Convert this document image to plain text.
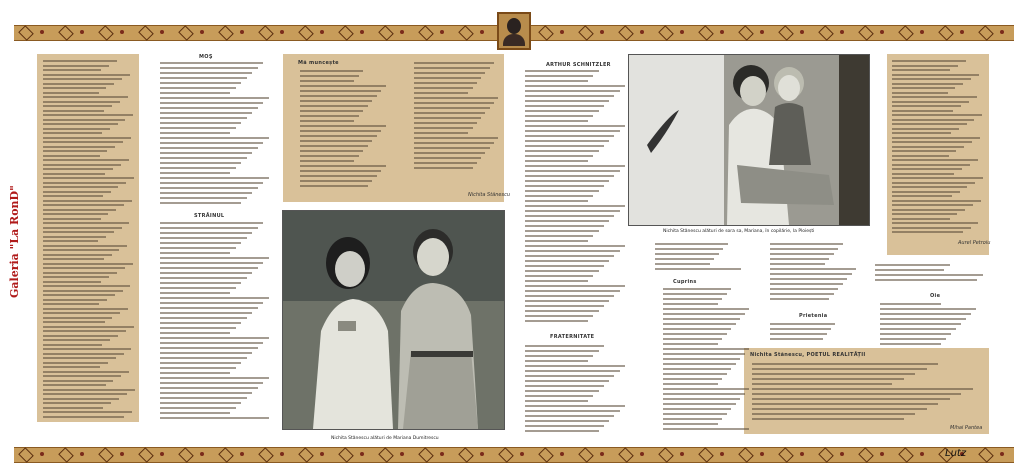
Galeria "La RonD"
MOŞ
STRĂINUL
Mă muncește
Nichita Stănescu
Nichita Stănescu alături de Mariana Dumitrescu
ARTHUR SCHNITZLER
FRATERNITATE
Nichita Stănescu alături de sora sa, Mariana, în copilărie, la Ploiești
Cuprins
Prietenia
Oie
Aurel Petroiu
Nichita Stănescu, POETUL REALITĂȚII
Mihai Pantea
Lutz
